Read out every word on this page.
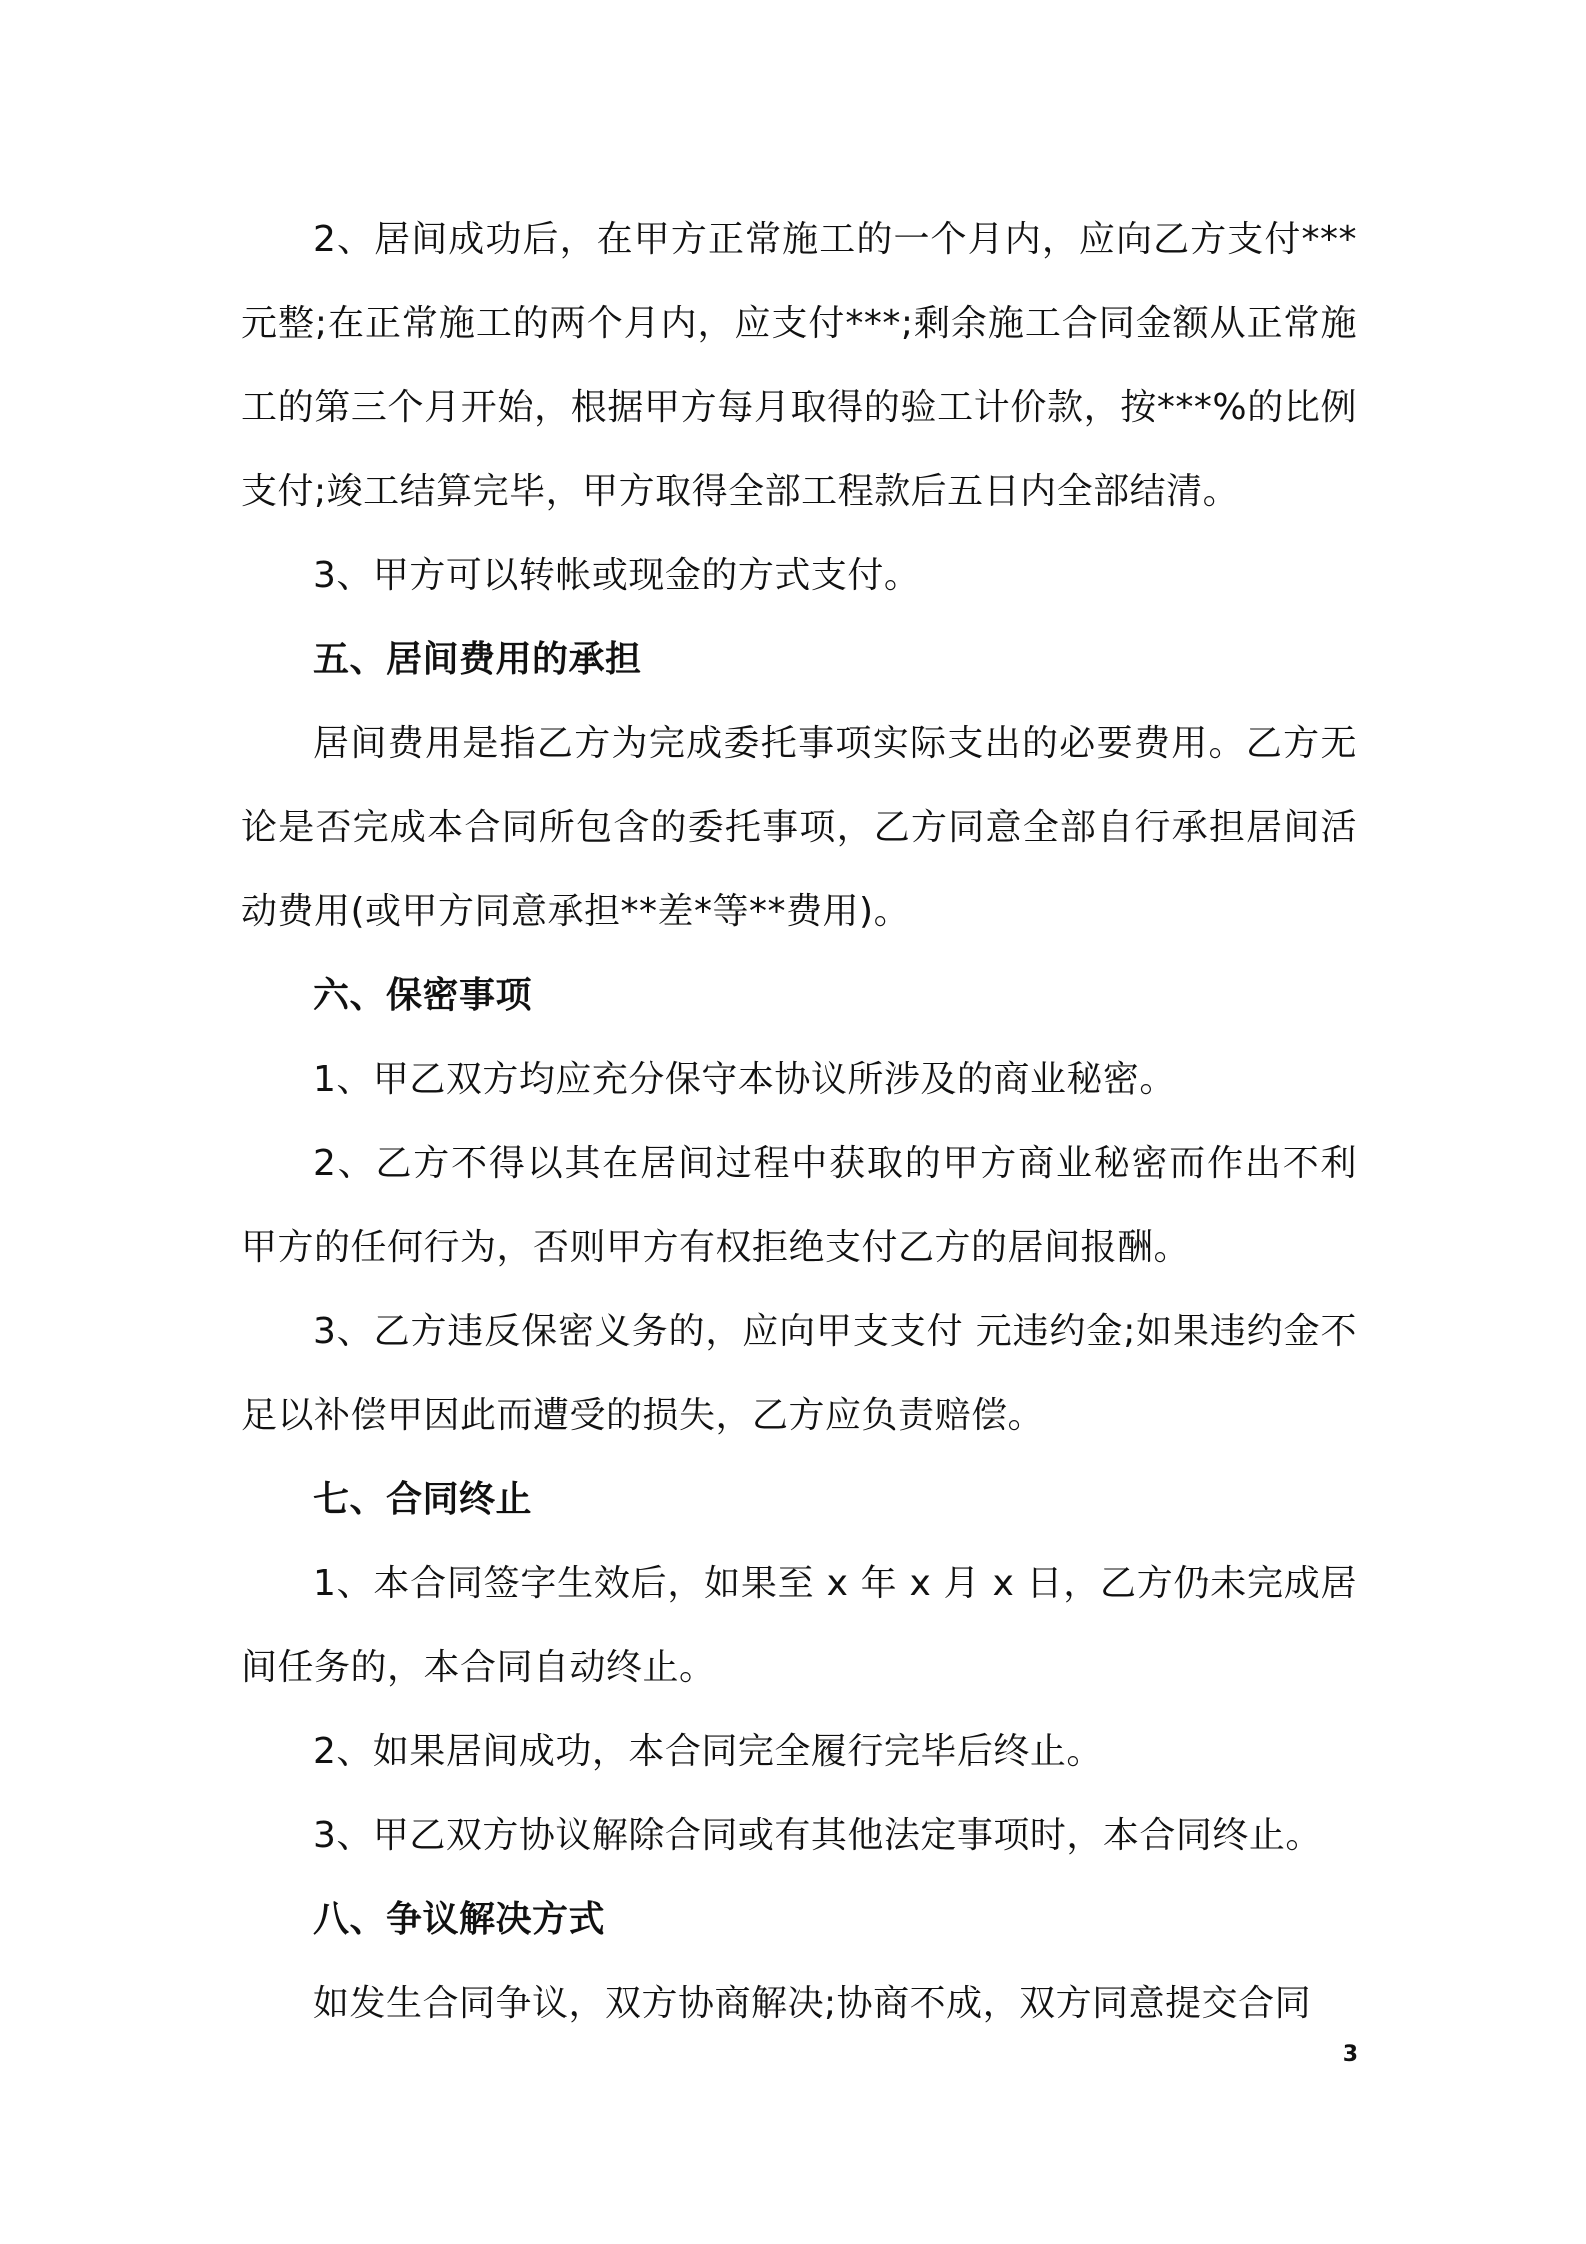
2、居间成功后，在甲方正常施工的一个月内，应向乙方支付***元整;在正常施工的两个月内，应支付***;剩余施工合同金额从正常施工的第三个月开始，根据甲方每月取得的验工计价款，按***%的比例支付;竣工结算完毕，甲方取得全部工程款后五日内全部结清。

3、甲方可以转帐或现金的方式支付。

五、居间费用的承担

居间费用是指乙方为完成委托事项实际支出的必要费用。乙方无论是否完成本合同所包含的委托事项，乙方同意全部自行承担居间活动费用(或甲方同意承担**差*等**费用)。

六、保密事项

1、甲乙双方均应充分保守本协议所涉及的商业秘密。

2、乙方不得以其在居间过程中获取的甲方商业秘密而作出不利甲方的任何行为，否则甲方有权拒绝支付乙方的居间报酬。

3、乙方违反保密义务的，应向甲支支付 元违约金;如果违约金不足以补偿甲因此而遭受的损失，乙方应负责赔偿。

七、合同终止

1、本合同签字生效后，如果至 x 年 x 月 x 日，乙方仍未完成居间任务的，本合同自动终止。

2、如果居间成功，本合同完全履行完毕后终止。

3、甲乙双方协议解除合同或有其他法定事项时，本合同终止。

八、争议解决方式

如发生合同争议，双方协商解决;协商不成，双方同意提交合同

3
